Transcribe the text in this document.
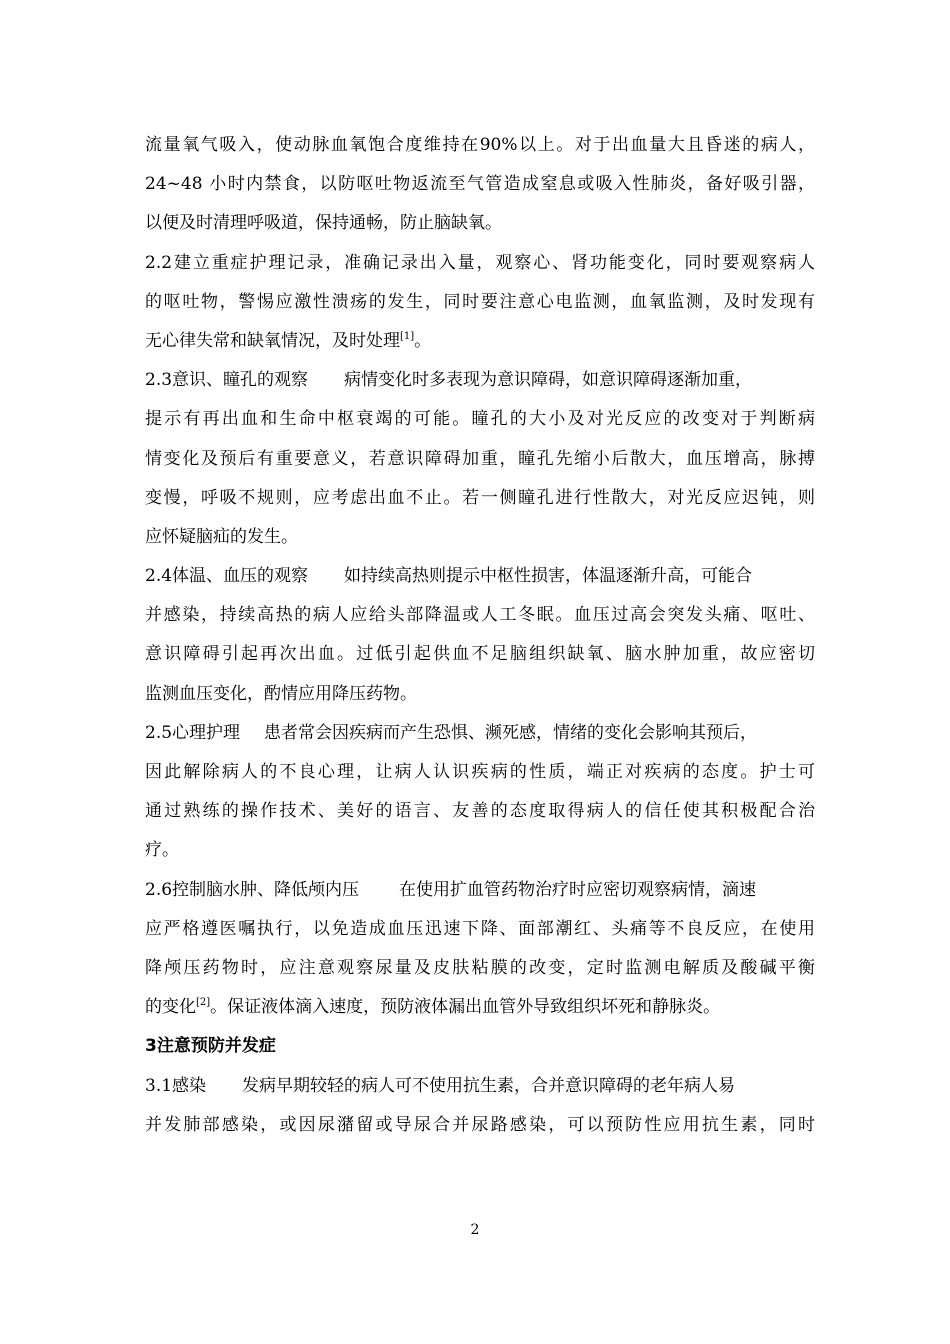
流量氧气吸入，使动脉血氧饱合度维持在90%以上。对于出血量大且昏迷的病人，
24~48 小时内禁食，以防呕吐物返流至气管造成窒息或吸入性肺炎，备好吸引器，
以便及时清理呼吸道，保持通畅，防止脑缺氧。
2.2建立重症护理记录，准确记录出入量，观察心、肾功能变化，同时要观察病人
的呕吐物，警惕应激性溃疡的发生，同时要注意心电监测，血氧监测，及时发现有
无心律失常和缺氧情况，及时处理[1]。
2.3意识、瞳孔的观察 病情变化时多表现为意识障碍，如意识障碍逐渐加重，
提示有再出血和生命中枢衰竭的可能。瞳孔的大小及对光反应的改变对于判断病
情变化及预后有重要意义，若意识障碍加重，瞳孔先缩小后散大，血压增高，脉搏
变慢，呼吸不规则，应考虑出血不止。若一侧瞳孔进行性散大，对光反应迟钝，则
应怀疑脑疝的发生。
2.4体温、血压的观察 如持续高热则提示中枢性损害，体温逐渐升高，可能合
并感染，持续高热的病人应给头部降温或人工冬眠。血压过高会突发头痛、呕吐、
意识障碍引起再次出血。过低引起供血不足脑组织缺氧、脑水肿加重，故应密切
监测血压变化，酌情应用降压药物。
2.5心理护理 患者常会因疾病而产生恐惧、濒死感，情绪的变化会影响其预后，
因此解除病人的不良心理，让病人认识疾病的性质，端正对疾病的态度。护士可
通过熟练的操作技术、美好的语言、友善的态度取得病人的信任使其积极配合治
疗。
2.6控制脑水肿、降低颅内压 在使用扩血管药物治疗时应密切观察病情，滴速
应严格遵医嘱执行，以免造成血压迅速下降、面部潮红、头痛等不良反应，在使用
降颅压药物时，应注意观察尿量及皮肤粘膜的改变，定时监测电解质及酸碱平衡
的变化[2]。保证液体滴入速度，预防液体漏出血管外导致组织坏死和静脉炎。
3注意预防并发症
3.1感染 发病早期较轻的病人可不使用抗生素，合并意识障碍的老年病人易
并发肺部感染，或因尿潴留或导尿合并尿路感染，可以预防性应用抗生素，同时
2
